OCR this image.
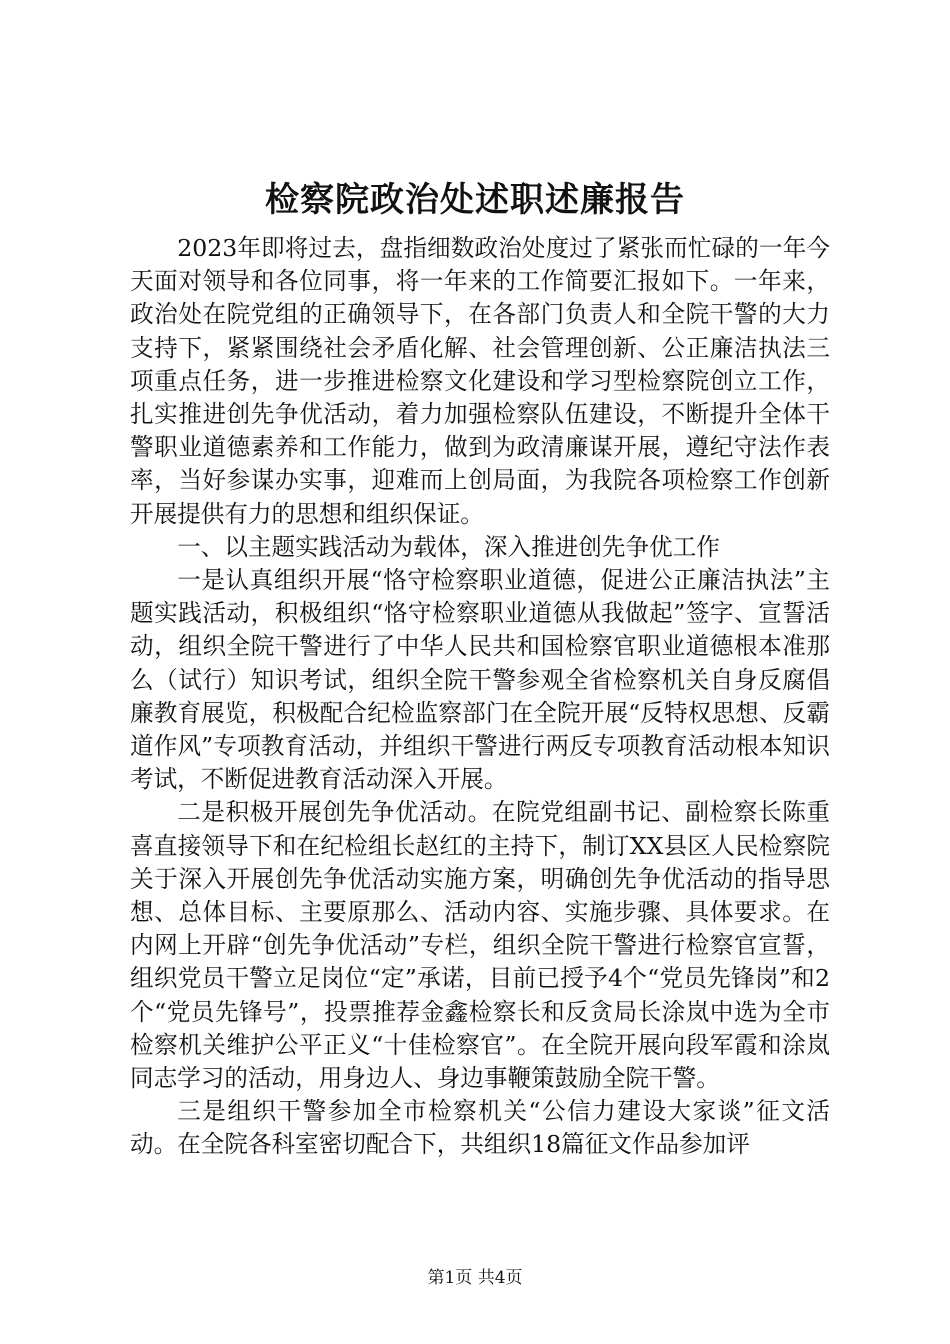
检察院政治处述职述廉报告

2023年即将过去，盘指细数政治处度过了紧张而忙碌的一年今天面对领导和各位同事，将一年来的工作简要汇报如下。一年来，政治处在院党组的正确领导下，在各部门负责人和全院干警的大力支持下，紧紧围绕社会矛盾化解、社会管理创新、公正廉洁执法三项重点任务，进一步推进检察文化建设和学习型检察院创立工作，扎实推进创先争优活动，着力加强检察队伍建设，不断提升全体干警职业道德素养和工作能力，做到为政清廉谋开展，遵纪守法作表率，当好参谋办实事，迎难而上创局面，为我院各项检察工作创新开展提供有力的思想和组织保证。

一、以主题实践活动为载体，深入推进创先争优工作

一是认真组织开展“恪守检察职业道德，促进公正廉洁执法”主题实践活动，积极组织“恪守检察职业道德从我做起”签字、宣誓活动，组织全院干警进行了中华人民共和国检察官职业道德根本准那么（试行）知识考试，组织全院干警参观全省检察机关自身反腐倡廉教育展览，积极配合纪检监察部门在全院开展“反特权思想、反霸道作风”专项教育活动，并组织干警进行两反专项教育活动根本知识考试，不断促进教育活动深入开展。

二是积极开展创先争优活动。在院党组副书记、副检察长陈重喜直接领导下和在纪检组长赵红的主持下，制订XX县区人民检察院关于深入开展创先争优活动实施方案，明确创先争优活动的指导思想、总体目标、主要原那么、活动内容、实施步骤、具体要求。在内网上开辟“创先争优活动”专栏，组织全院干警进行检察官宣誓，组织党员干警立足岗位“定”承诺，目前已授予4个“党员先锋岗”和2个“党员先锋号”，投票推荐金鑫检察长和反贪局长涂岚中选为全市检察机关维护公平正义“十佳检察官”。在全院开展向段军霞和涂岚同志学习的活动，用身边人、身边事鞭策鼓励全院干警。

三是组织干警参加全市检察机关“公信力建设大家谈”征文活动。在全院各科室密切配合下，共组织18篇征文作品参加评

第1页 共4页
